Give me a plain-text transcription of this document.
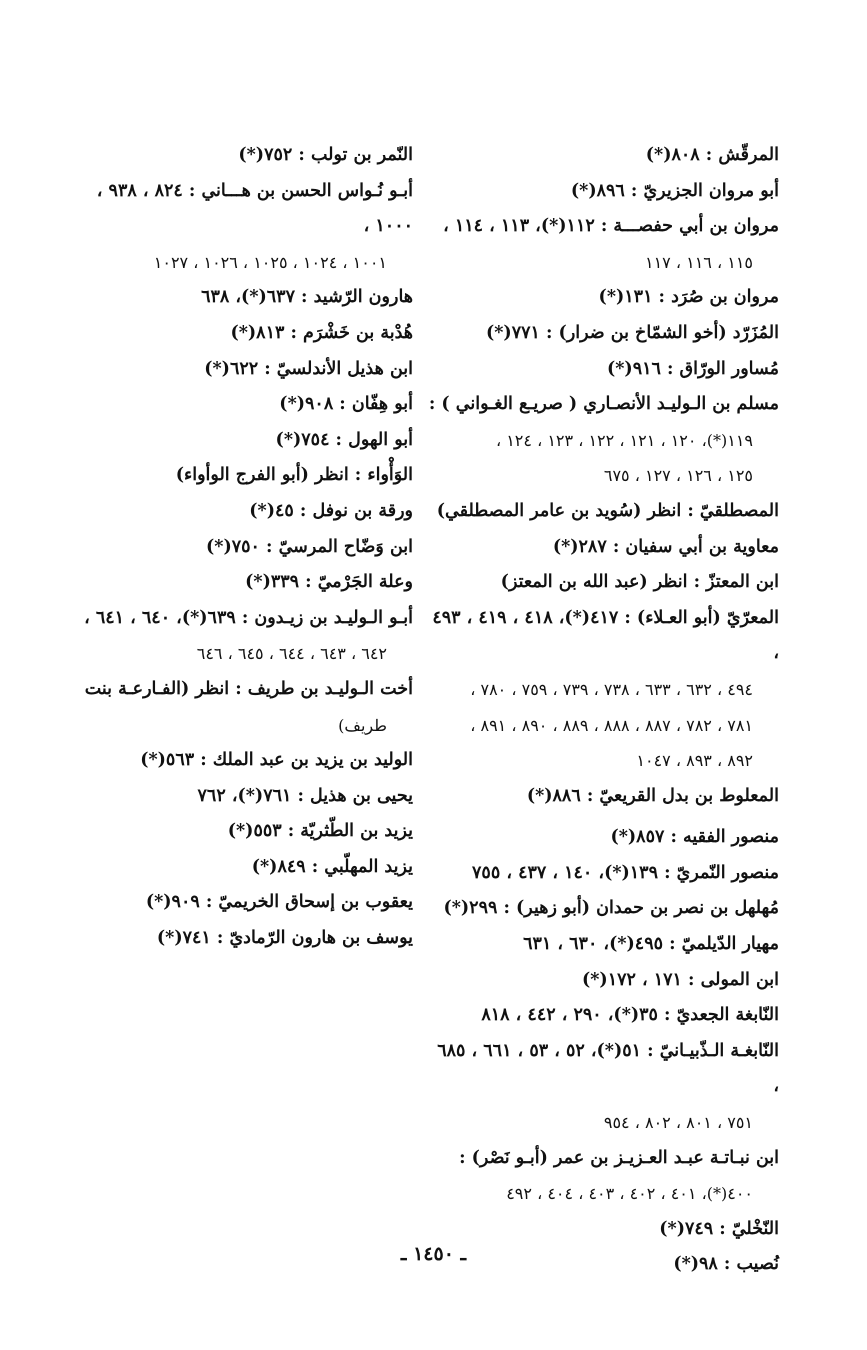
المرقّش : ٨٠٨(*)

أبو مروان الجزيريّ : ٨٩٦(*)

مروان بن أبي حفصـــة : ١١٢(*)، ١١٣ ، ١١٤ ،

١١٥ ، ١١٦ ، ١١٧

مروان بن صُرَد : ١٣١(*)

المُزَرّد (أخو الشمّاخ بن ضرار) : ٧٧١(*)

مُساور الورّاق : ٩١٦(*)

مسلم بن الـوليـد الأنصـاري ( صريـع الغـواني ) :

١١٩(*)، ١٢٠ ، ١٢١ ، ١٢٢ ، ١٢٣ ، ١٢٤ ،

١٢٥ ، ١٢٦ ، ١٢٧ ، ٦٧٥

المصطلقيّ : انظر (سُويد بن عامر المصطلقي)

معاوية بن أبي سفيان : ٢٨٧(*)

ابن المعتزّ : انظر (عبد الله بن المعتز)

المعرّيّ (أبو العـلاء) : ٤١٧(*)، ٤١٨ ، ٤١٩ ، ٤٩٣ ،

٤٩٤ ، ٦٣٢ ، ٦٣٣ ، ٧٣٨ ، ٧٣٩ ، ٧٥٩ ، ٧٨٠ ،

٧٨١ ، ٧٨٢ ، ٨٨٧ ، ٨٨٨ ، ٨٨٩ ، ٨٩٠ ، ٨٩١ ،

٨٩٢ ، ٨٩٣ ، ١٠٤٧

المعلوط بن بدل القريعيّ : ٨٨٦(*)

منصور الفقيه : ٨٥٧(*)

منصور النّمريّ : ١٣٩(*)، ١٤٠ ، ٤٣٧ ، ٧٥٥

مُهلهل بن نصر بن حمدان (أبو زهير) : ٢٩٩(*)

مهيار الدّيلميّ : ٤٩٥(*)، ٦٣٠ ، ٦٣١

ابن المولى : ١٧١ ، ١٧٢(*)

النّابغة الجعديّ : ٣٥(*)، ٢٩٠ ، ٤٤٢ ، ٨١٨

النّابغـة الـذّبيـانيّ : ٥١(*)، ٥٢ ، ٥٣ ، ٦٦١ ، ٦٨٥ ،

٧٥١ ، ٨٠١ ، ٨٠٢ ، ٩٥٤

ابن نبـاتـة عبـد العـزيـز بن عمر (أبـو نَصْر) :

٤٠٠(*)، ٤٠١ ، ٤٠٢ ، ٤٠٣ ، ٤٠٤ ، ٤٩٢

النّخْليّ : ٧٤٩(*)

نُصيب : ٩٨(*)

النّمر بن تولب : ٧٥٢(*)

أبـو نُـواس الحسن بن هـــاني : ٨٢٤ ، ٩٣٨ ، ١٠٠٠ ،

١٠٠١ ، ١٠٢٤ ، ١٠٢٥ ، ١٠٢٦ ، ١٠٢٧

هارون الرّشيد : ٦٣٧(*)، ٦٣٨

هُدْبة بن خَشْرَم : ٨١٣(*)

ابن هذيل الأندلسيّ : ٦٢٢(*)

أبو هِفّان : ٩٠٨(*)

أبو الهول : ٧٥٤(*)

الوَأْواء : انظر (أبو الفرج الوأواء)

ورقة بن نوفل : ٤٥(*)

ابن وَضّاح المرسيّ : ٧٥٠(*)

وعلة الجَرْميّ : ٣٣٩(*)

أبـو الـوليـد بن زيـدون : ٦٣٩(*)، ٦٤٠ ، ٦٤١ ،

٦٤٢ ، ٦٤٣ ، ٦٤٤ ، ٦٤٥ ، ٦٤٦

أخت الـوليـد بن طريف : انظر (الفـارعـة بنت

طريف)

الوليد بن يزيد بن عبد الملك : ٥٦٣(*)

يحيى بن هذيل : ٧٦١(*)، ٧٦٢

يزيد بن الطّثريّة : ٥٥٣(*)

يزيد المهلّبي : ٨٤٩(*)

يعقوب بن إسحاق الخريميّ : ٩٠٩(*)

يوسف بن هارون الرّماديّ : ٧٤١(*)

ـ ١٤٥٠ ـ
